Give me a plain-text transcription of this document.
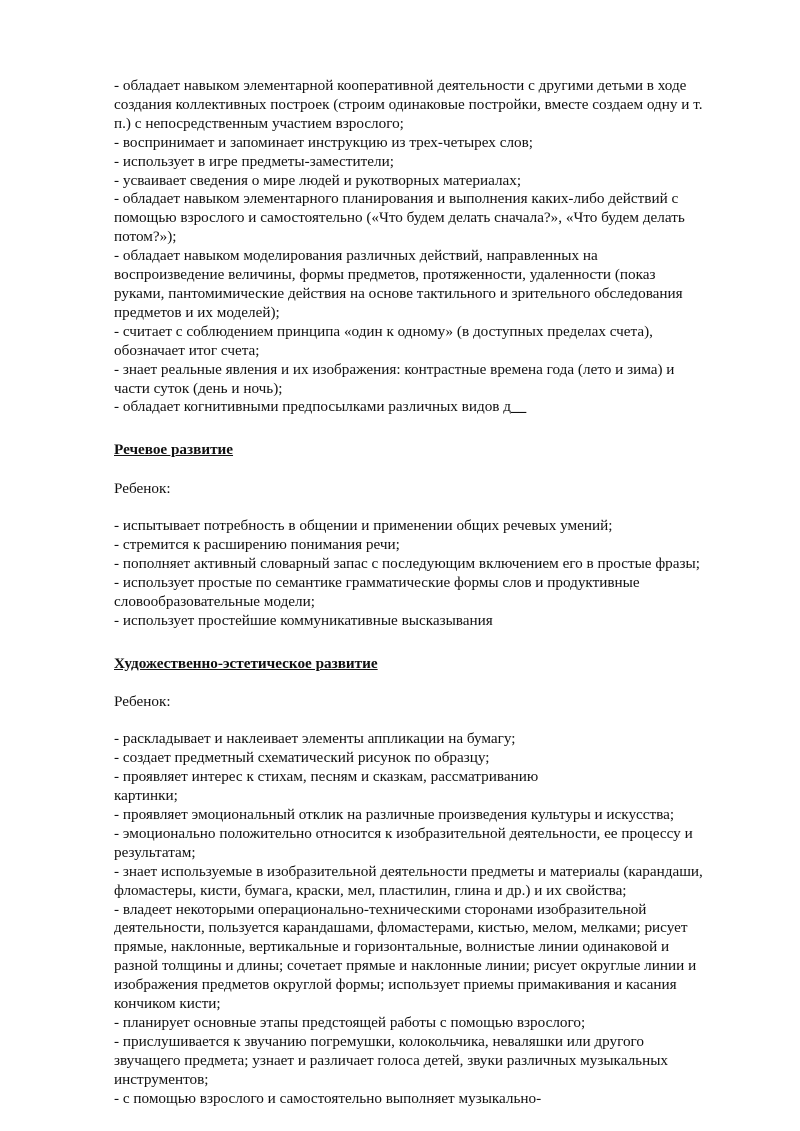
- обладает навыком элементарной кооперативной деятельности с другими детьми в ходе
создания коллективных построек (строим одинаковые постройки, вместе создаем одну и т.
п.) с непосредственным участием взрослого;
- воспринимает и запоминает инструкцию из трех-четырех слов;
- использует в игре предметы-заместители;
- усваивает сведения о мире людей и рукотворных материалах;
- обладает навыком элементарного планирования и выполнения каких-либо действий с
помощью взрослого и самостоятельно («Что будем делать сначала?», «Что будем делать
потом?»);
- обладает навыком моделирования различных действий, направленных на
воспроизведение величины, формы предметов, протяженности, удаленности (показ
руками, пантомимические действия на основе тактильного и зрительного обследования
предметов и их моделей);
- считает с соблюдением принципа «один к одному» (в доступных пределах счета),
обозначает итог счета;
- знает реальные явления и их изображения: контрастные времена года (лето и зима) и
части суток (день и ночь);
- обладает когнитивными предпосылками различных видов д__
Речевое развитие
Ребенок:
- испытывает потребность в общении и применении общих речевых умений;
- стремится к расширению понимания речи;
- пополняет активный словарный запас с последующим включением его в простые фразы;
- использует простые по семантике грамматические формы слов и продуктивные
словообразовательные модели;
- использует простейшие коммуникативные высказывания
Художественно-эстетическое развитие
Ребенок:
- раскладывает и наклеивает элементы аппликации на бумагу;
- создает предметный схематический рисунок по образцу;
- проявляет интерес к стихам, песням и сказкам, рассматриванию
картинки;
- проявляет эмоциональный отклик на различные произведения культуры и искусства;
- эмоционально положительно относится к изобразительной деятельности, ее процессу и
результатам;
- знает используемые в изобразительной деятельности предметы и материалы (карандаши,
фломастеры, кисти, бумага, краски, мел, пластилин, глина и др.) и их свойства;
- владеет некоторыми операционально-техническими сторонами изобразительной
деятельности, пользуется карандашами, фломастерами, кистью, мелом, мелками; рисует
прямые, наклонные, вертикальные и горизонтальные, волнистые линии одинаковой и
разной толщины и длины; сочетает прямые и наклонные линии; рисует округлые линии и
изображения предметов округлой формы; использует приемы примакивания и касания
кончиком кисти;
- планирует основные этапы предстоящей работы с помощью взрослого;
- прислушивается к звучанию погремушки, колокольчика, неваляшки или другого
звучащего предмета; узнает и различает голоса детей, звуки различных музыкальных
инструментов;
- с помощью взрослого и самостоятельно выполняет музыкально-
